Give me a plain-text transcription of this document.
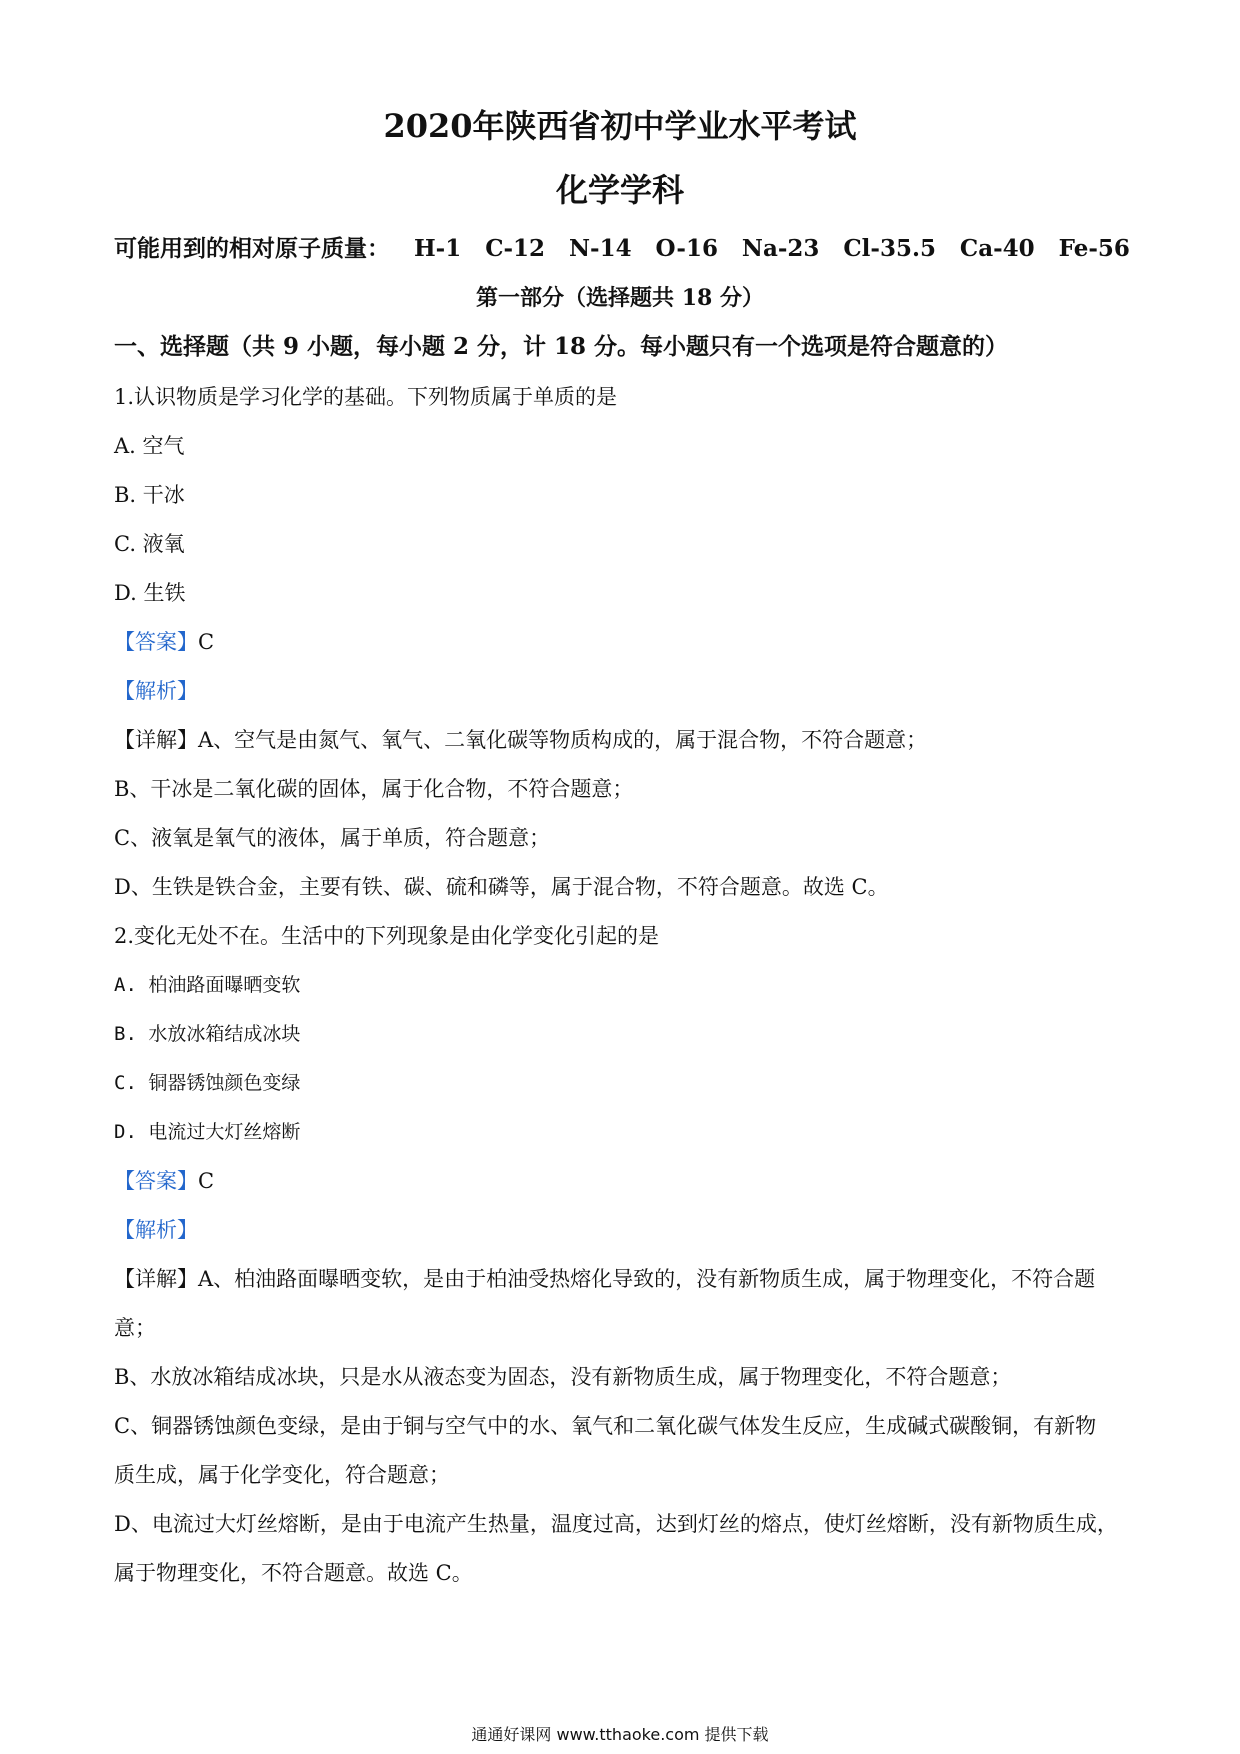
2020年陕西省初中学业水平考试
化学学科
可能用到的相对原子质量： H-1 C-12 N-14 O-16 Na-23 Cl-35.5 Ca-40 Fe-56
第一部分（选择题共 18 分）
一、选择题（共 9 小题，每小题 2 分，计 18 分。每小题只有一个选项是符合题意的）
1.认识物质是学习化学的基础。下列物质属于单质的是
A. 空气
B. 干冰
C. 液氧
D. 生铁
【答案】C
【解析】
【详解】A、空气是由氮气、氧气、二氧化碳等物质构成的，属于混合物，不符合题意；
B、干冰是二氧化碳的固体，属于化合物，不符合题意；
C、液氧是氧气的液体，属于单质，符合题意；
D、生铁是铁合金，主要有铁、碳、硫和磷等，属于混合物，不符合题意。故选 C。
2.变化无处不在。生活中的下列现象是由化学变化引起的是
A. 柏油路面曝晒变软
B. 水放冰箱结成冰块
C. 铜器锈蚀颜色变绿
D. 电流过大灯丝熔断
【答案】C
【解析】
【详解】A、柏油路面曝晒变软，是由于柏油受热熔化导致的，没有新物质生成，属于物理变化，不符合题
意；
B、水放冰箱结成冰块，只是水从液态变为固态，没有新物质生成，属于物理变化，不符合题意；
C、铜器锈蚀颜色变绿，是由于铜与空气中的水、氧气和二氧化碳气体发生反应，生成碱式碳酸铜，有新物
质生成，属于化学变化，符合题意；
D、电流过大灯丝熔断，是由于电流产生热量，温度过高，达到灯丝的熔点，使灯丝熔断，没有新物质生成，
属于物理变化，不符合题意。故选 C。
通通好课网 www.tthaoke.com 提供下载
